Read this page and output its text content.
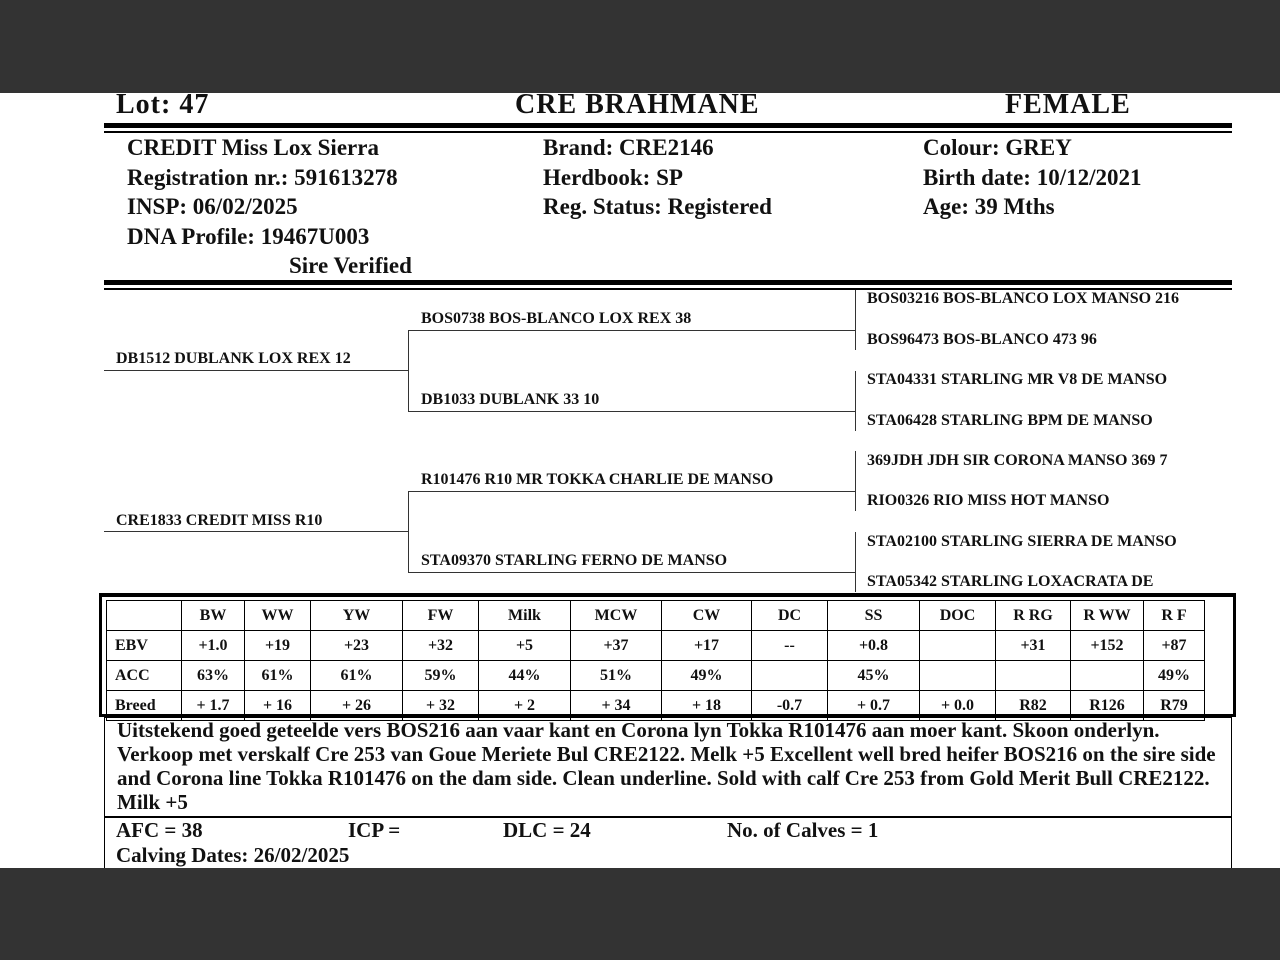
Lot: 47	CRE BRAHMANE	FEMALE
CREDIT Miss Lox Sierra
Registration nr.: 591613278
INSP: 06/02/2025
DNA Profile: 19467U003
Sire Verified
Brand: CRE2146
Herdbook: SP
Reg. Status: Registered
Colour: GREY
Birth date: 10/12/2021
Age: 39 Mths
DB1512 DUBLANK LOX REX 12
CRE1833 CREDIT MISS R10
BOS0738 BOS-BLANCO LOX REX 38
DB1033 DUBLANK 33 10
R101476 R10 MR TOKKA CHARLIE DE MANSO
STA09370 STARLING FERNO DE MANSO
BOS03216 BOS-BLANCO LOX MANSO 216
BOS96473 BOS-BLANCO 473 96
STA04331 STARLING MR V8 DE MANSO
STA06428 STARLING BPM DE MANSO
369JDH JDH SIR CORONA MANSO 369 7
RIO0326 RIO MISS HOT MANSO
STA02100 STARLING SIERRA DE MANSO
STA05342 STARLING LOXACRATA DE
	BW	WW	YW	FW	Milk	MCW	CW	DC	SS	DOC	R RG	R WW	R F
EBV	+1.0	+19	+23	+32	+5	+37	+17	--	+0.8		+31	+152	+87
ACC	63%	61%	61%	59%	44%	51%	49%		45%				49%
Breed	+ 1.7	+ 16	+ 26	+ 32	+ 2	+ 34	+ 18	-0.7	+ 0.7	+ 0.0	R82	R126	R79

Uitstekend goed geteelde vers BOS216 aan vaar kant en Corona lyn Tokka R101476 aan moer kant. Skoon onderlyn. Verkoop met verskalf Cre 253 van Goue Meriete Bul CRE2122. Melk +5 Excellent well bred heifer BOS216 on the sire side and Corona line Tokka R101476 on the dam side. Clean underline. Sold with calf Cre 253 from Gold Merit Bull CRE2122. Milk +5

AFC = 38	ICP =	DLC = 24	No. of Calves = 1
Calving Dates: 26/02/2025
